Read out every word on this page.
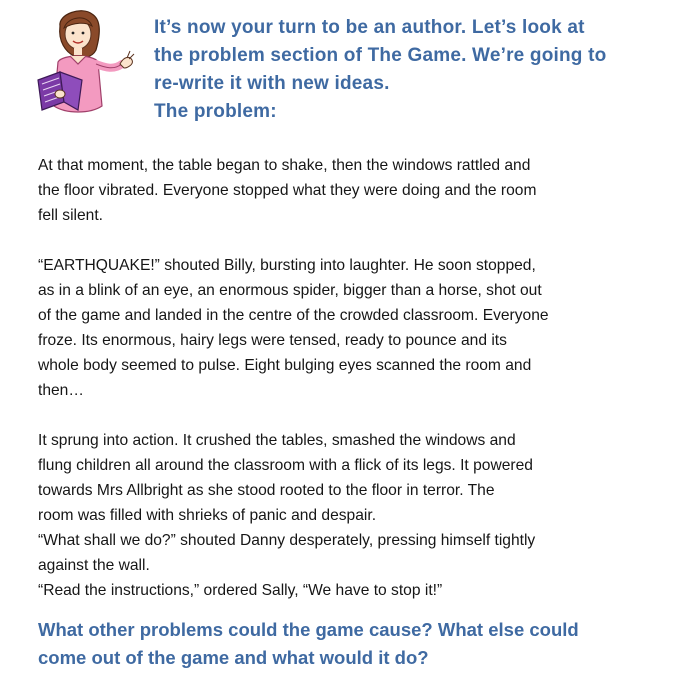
It’s now your turn to be an author. Let’s look at

the problem section of The Game. We’re going to

re-write it with new ideas.

The problem:

At that moment, the table began to shake, then the windows rattled and

the floor vibrated. Everyone stopped what they were doing and the room

fell silent.

“EARTHQUAKE!” shouted Billy, bursting into laughter. He soon stopped,

as in a blink of an eye, an enormous spider, bigger than a horse, shot out

of the game and landed in the centre of the crowded classroom. Everyone

froze. Its enormous, hairy legs were tensed, ready to pounce and its

whole body seemed to pulse. Eight bulging eyes scanned the room and

then…

It sprung into action. It crushed the tables, smashed the windows and

flung children all around the classroom with a flick of its legs. It powered

towards Mrs Allbright as she stood rooted to the floor in terror. The

room was filled with shrieks of panic and despair.

“What shall we do?” shouted Danny desperately, pressing himself tightly

against the wall.

“Read the instructions,” ordered Sally, “We have to stop it!”

What other problems could the game cause? What else could

come out of the game and what would it do?
